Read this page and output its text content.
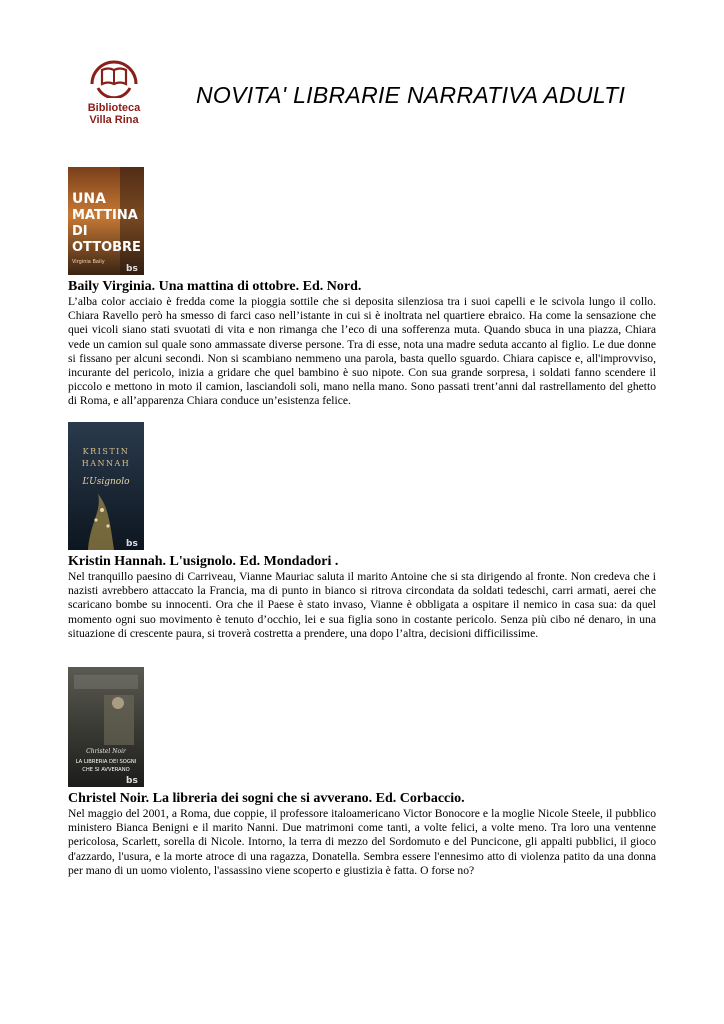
Biblioteca
Villa Rina
NOVITA' LIBRARIE NARRATIVA ADULTI
UNA
MATTINA
DI
OTTOBRE
Virginia Baily
bs

Baily Virginia. Una mattina di ottobre. Ed. Nord.

L’alba color acciaio è fredda come la pioggia sottile che si deposita silenziosa tra i suoi capelli e le scivola lungo il collo. Chiara Ravello però ha smesso di farci caso nell’istante in cui si è inoltrata nel quartiere ebraico. Ha come la sensazione che quei vicoli siano stati svuotati di vita e non rimanga che l’eco di una sofferenza muta. Quando sbuca in una piazza, Chiara vede un camion sul quale sono ammassate diverse persone. Tra di esse, nota una madre seduta accanto al figlio. Le due donne si fissano per alcuni secondi. Non si scambiano nemmeno una parola, basta quello sguardo. Chiara capisce e, all'improvviso, incurante del pericolo, inizia a gridare che quel bambino è suo nipote. Con sua grande sorpresa, i soldati fanno scendere il piccolo e mettono in moto il camion, lasciandoli soli, mano nella mano. Sono passati trent’anni dal rastrellamento del ghetto di Roma, e all’apparenza Chiara conduce un’esistenza felice.

KRISTIN
HANNAH
L’Usignolo
bs

Kristin Hannah. L'usignolo. Ed. Mondadori .

Nel tranquillo paesino di Carriveau, Vianne Mauriac saluta il marito Antoine che si sta dirigendo al fronte. Non credeva che i nazisti avrebbero attaccato la Francia, ma di punto in bianco si ritrova circondata da soldati tedeschi, carri armati, aerei che scaricano bombe su innocenti. Ora che il Paese è stato invaso, Vianne è obbligata a ospitare il nemico in casa sua: da quel momento ogni suo movimento è tenuto d’occhio, lei e sua figlia sono in costante pericolo. Senza più cibo né denaro, in una situazione di crescente paura, si troverà costretta a prendere, una dopo l’altra, decisioni difficilissime.

Christel Noir
LA LIBRERIA DEI SOGNI
CHE SI AVVERANO
bs

Christel Noir. La libreria dei sogni che si avverano. Ed. Corbaccio.

Nel maggio del 2001, a Roma, due coppie, il professore italoamericano Victor Bonocore e la moglie Nicole Steele, il pubblico ministero Bianca Benigni e il marito Nanni. Due matrimoni come tanti, a volte felici, a volte meno. Tra loro una ventenne pericolosa, Scarlett, sorella di Nicole. Intorno, la terra di mezzo del Sordomuto e del Puncicone, gli appalti pubblici, il gioco d'azzardo, l'usura, e la morte atroce di una ragazza, Donatella. Sembra essere l'ennesimo atto di violenza patito da una donna per mano di un uomo violento, l'assassino viene scoperto e giustizia è fatta. O forse no?
